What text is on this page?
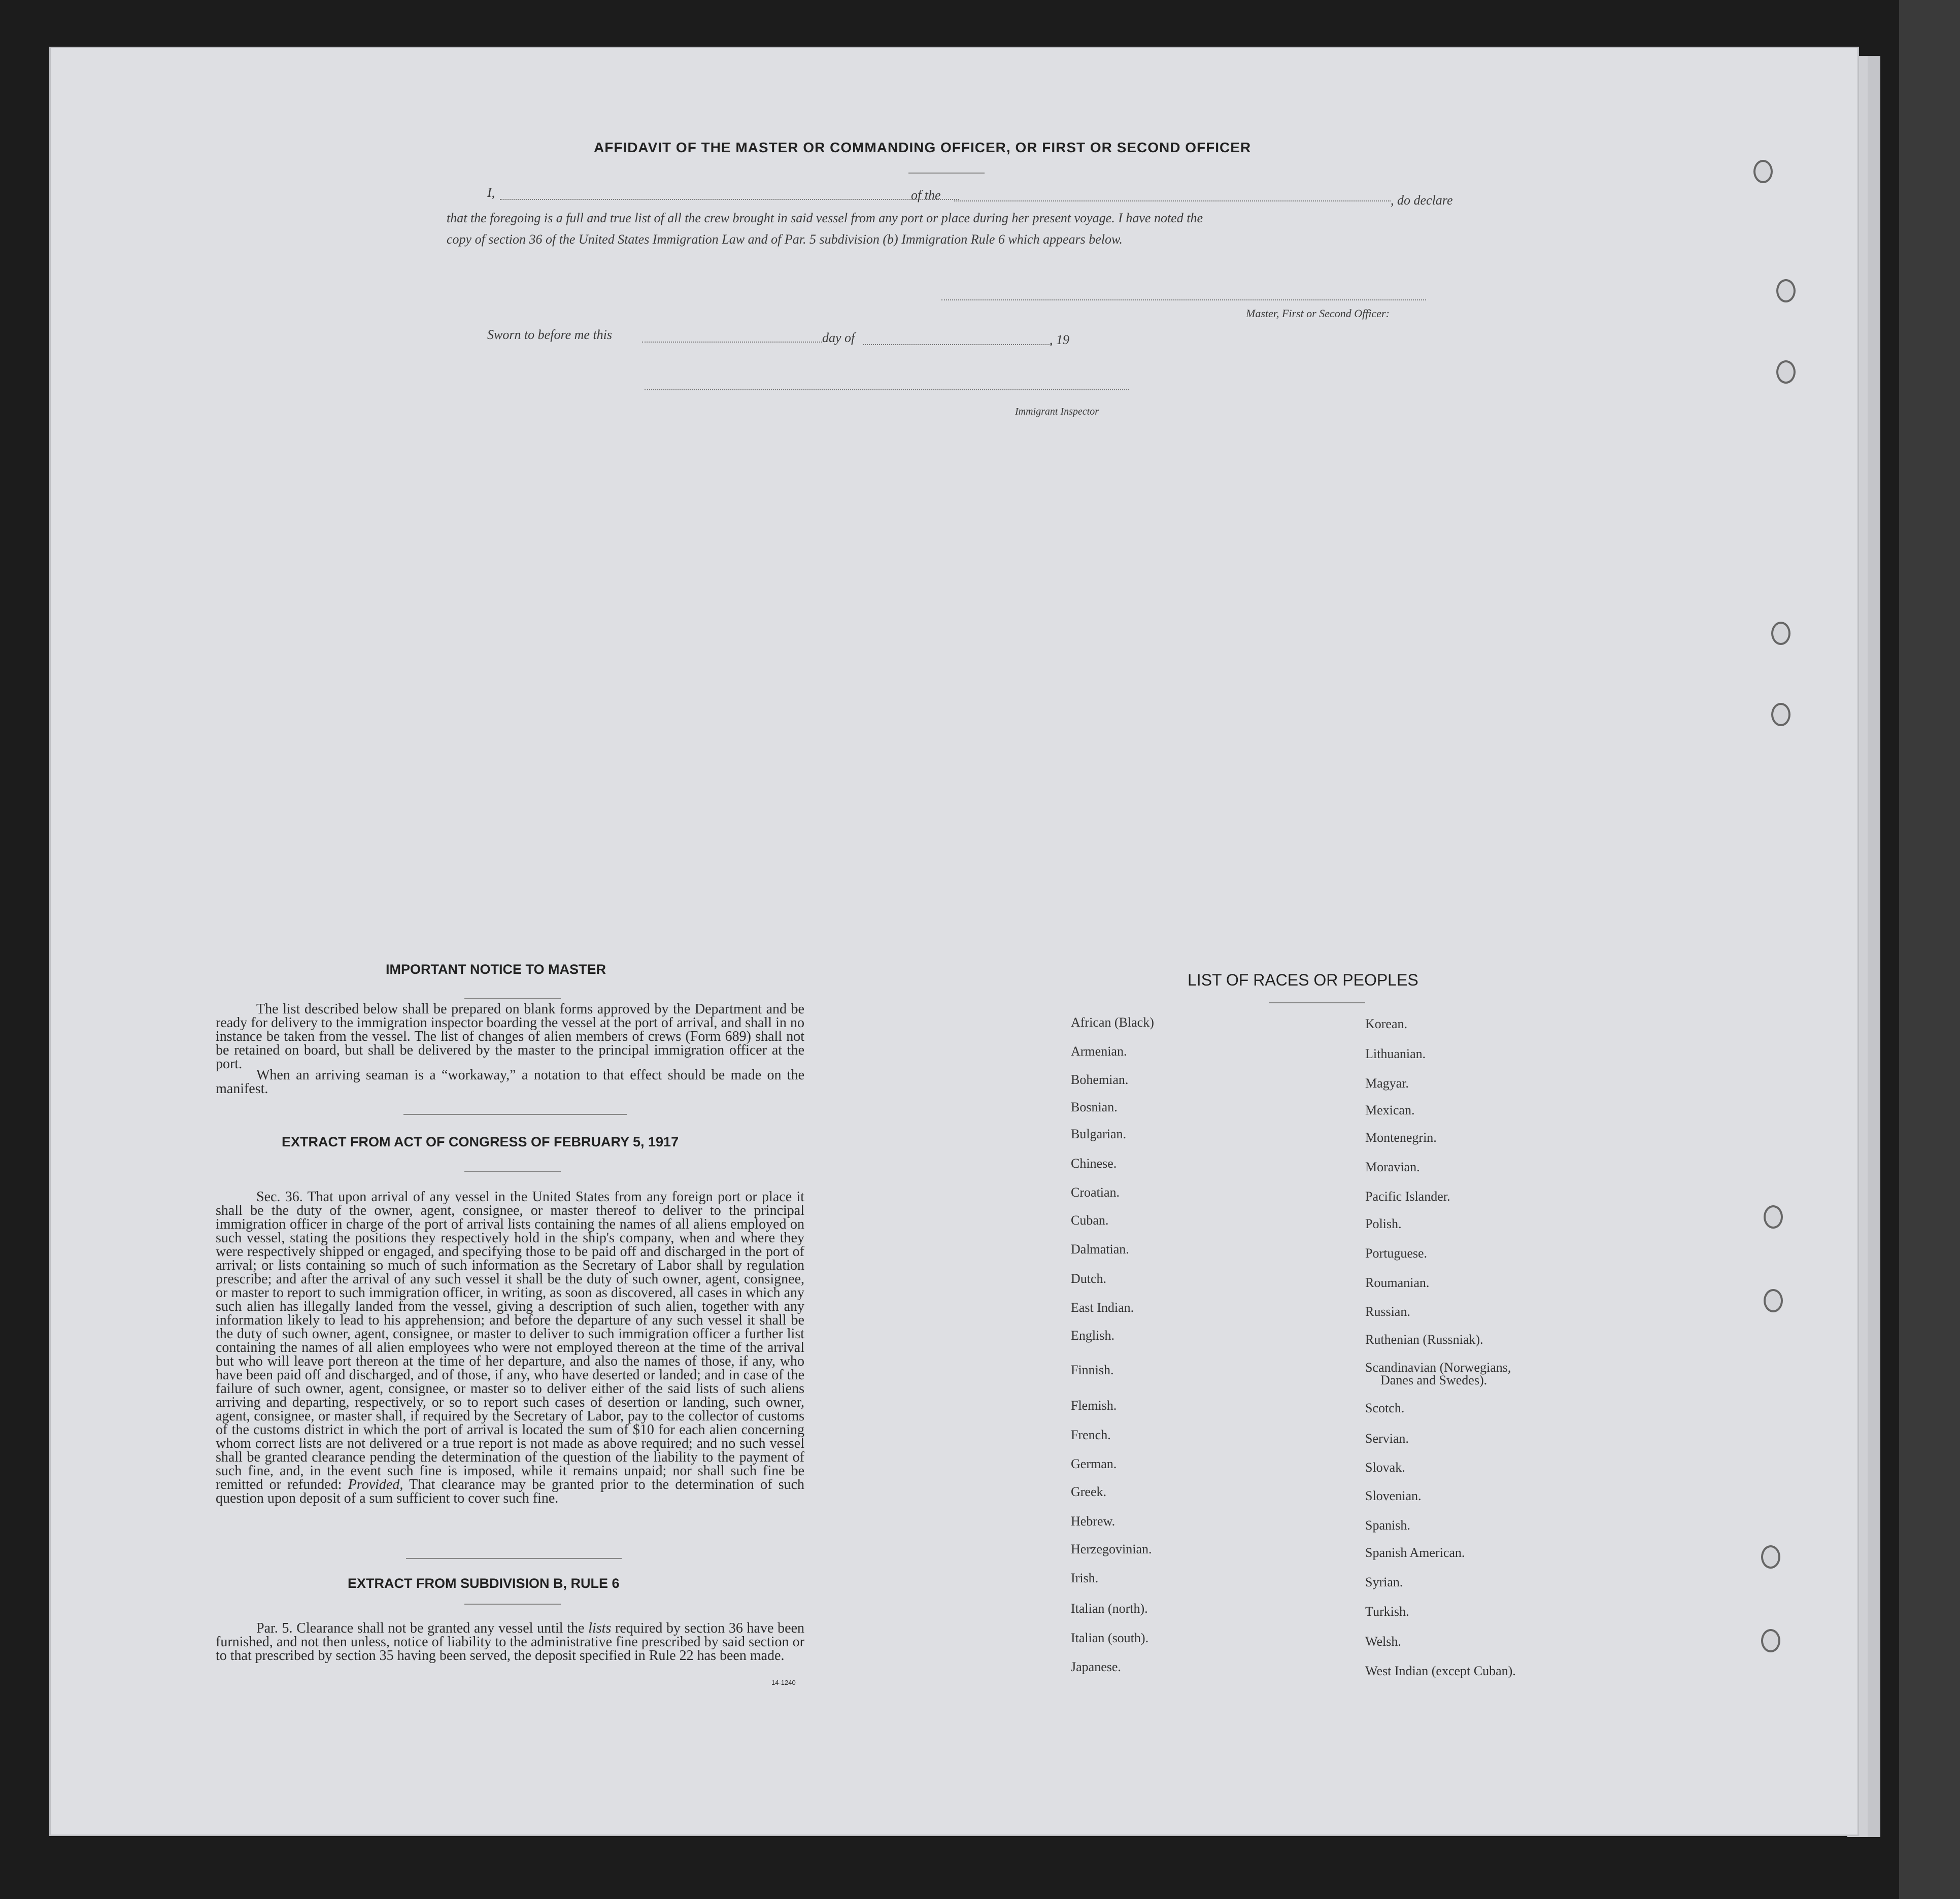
AFFIDAVIT OF THE MASTER OR COMMANDING OFFICER, OR FIRST OR SECOND OFFICER
I,	of the	, do declare
that the foregoing is a full and true list of all the crew brought in said vessel from any port or place during her present voyage. I have noted the
copy of section 36 of the United States Immigration Law and of Par. 5 subdivision (b) Immigration Rule 6 which appears below.
Master, First or Second Officer:
Sworn to before me this	day of	, 19
Immigrant Inspector
IMPORTANT NOTICE TO MASTER
The list described below shall be prepared on blank forms approved by the Department and be ready for delivery to the immigration inspector boarding the vessel at the port of arrival, and shall in no instance be taken from the vessel. The list of changes of alien members of crews (Form 689) shall not be retained on board, but shall be delivered by the master to the principal immigration officer at the port.
When an arriving seaman is a “workaway,” a notation to that effect should be made on the manifest.
EXTRACT FROM ACT OF CONGRESS OF FEBRUARY 5, 1917
Sec. 36. That upon arrival of any vessel in the United States from any foreign port or place it shall be the duty of the owner, agent, consignee, or master thereof to deliver to the principal immigration officer in charge of the port of arrival lists containing the names of all aliens employed on such vessel, stating the positions they respectively hold in the ship's company, when and where they were respectively shipped or engaged, and specifying those to be paid off and discharged in the port of arrival; or lists containing so much of such information as the Secretary of Labor shall by regulation prescribe; and after the arrival of any such vessel it shall be the duty of such owner, agent, consignee, or master to report to such immigration officer, in writing, as soon as discovered, all cases in which any such alien has illegally landed from the vessel, giving a description of such alien, together with any information likely to lead to his apprehension; and before the departure of any such vessel it shall be the duty of such owner, agent, consignee, or master to deliver to such immigration officer a further list containing the names of all alien employees who were not employed thereon at the time of the arrival but who will leave port thereon at the time of her departure, and also the names of those, if any, who have been paid off and discharged, and of those, if any, who have deserted or landed; and in case of the failure of such owner, agent, consignee, or master so to deliver either of the said lists of such aliens arriving and departing, respectively, or so to report such cases of desertion or landing, such owner, agent, consignee, or master shall, if required by the Secretary of Labor, pay to the collector of customs of the customs district in which the port of arrival is located the sum of $10 for each alien concerning whom correct lists are not delivered or a true report is not made as above required; and no such vessel shall be granted clearance pending the determination of the question of the liability to the payment of such fine, and, in the event such fine is imposed, while it remains unpaid; nor shall such fine be remitted or refunded: Provided, That clearance may be granted prior to the determination of such question upon deposit of a sum sufficient to cover such fine.
EXTRACT FROM SUBDIVISION B, RULE 6
Par. 5. Clearance shall not be granted any vessel until the lists required by section 36 have been furnished, and not then unless, notice of liability to the administrative fine prescribed by said section or to that prescribed by section 35 having been served, the deposit specified in Rule 22 has been made.
14-1240
LIST OF RACES OR PEOPLES
African (Black)
Armenian.
Bohemian.
Bosnian.
Bulgarian.
Chinese.
Croatian.
Cuban.
Dalmatian.
Dutch.
East Indian.
English.
Finnish.
Flemish.
French.
German.
Greek.
Hebrew.
Herzegovinian.
Irish.
Italian (north).
Italian (south).
Japanese.
Korean.
Lithuanian.
Magyar.
Mexican.
Montenegrin.
Moravian.
Pacific Islander.
Polish.
Portuguese.
Roumanian.
Russian.
Ruthenian (Russniak).
Scandinavian (Norwegians,
Danes and Swedes).
Scotch.
Servian.
Slovak.
Slovenian.
Spanish.
Spanish American.
Syrian.
Turkish.
Welsh.
West Indian (except Cuban).
